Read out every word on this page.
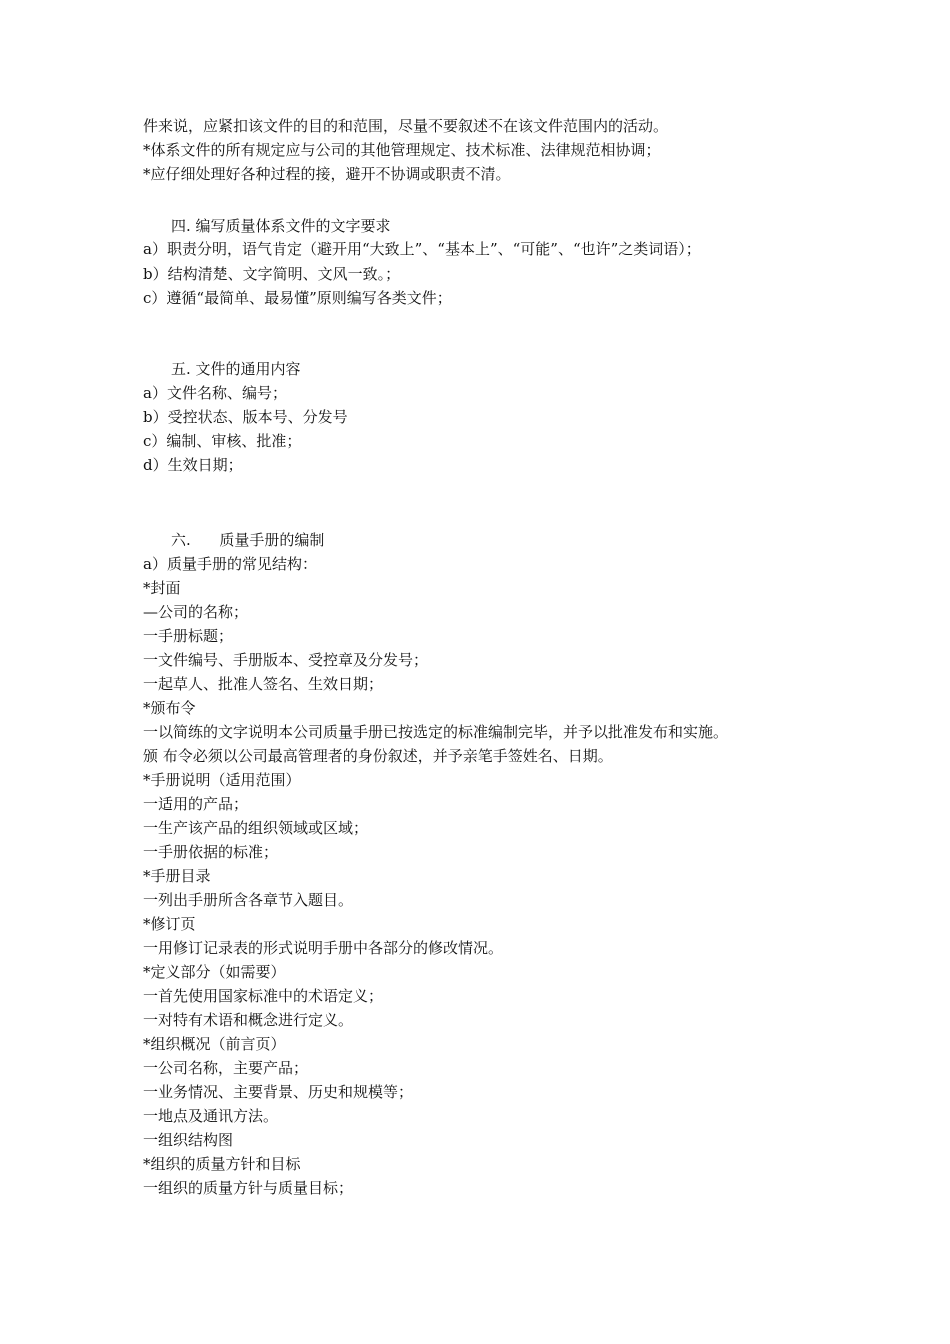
件来说，应紧扣该文件的目的和范围，尽量不要叙述不在该文件范围内的活动。
*体系文件的所有规定应与公司的其他管理规定、技术标准、法律规范相协调；
*应仔细处理好各种过程的接，避开不协调或职责不清。
四. 编写质量体系文件的文字要求
a）职责分明，语气肯定（避开用“大致上”、“基本上”、“可能”、“也许”之类词语）；
b）结构清楚、文字简明、文风一致。；
c）遵循“最简单、最易懂”原则编写各类文件；
五. 文件的通用内容
a）文件名称、编号；
b）受控状态、版本号、分发号
c）编制、审核、批准；
d）生效日期；
六.      质量手册的编制
a）质量手册的常见结构：
*封面
—公司的名称；
一手册标题；
一文件编号、手册版本、受控章及分发号；
一起草人、批准人签名、生效日期；
*颁布令
一以简练的文字说明本公司质量手册已按选定的标准编制完毕，并予以批准发布和实施。
颁 布令必须以公司最高管理者的身份叙述，并予亲笔手签姓名、日期。
*手册说明（适用范围）
一适用的产品；
一生产该产品的组织领域或区域；
一手册依据的标准；
*手册目录
一列出手册所含各章节入题目。
*修订页
一用修订记录表的形式说明手册中各部分的修改情况。
*定义部分（如需要）
一首先使用国家标准中的术语定义；
一对特有术语和概念进行定义。
*组织概况（前言页）
一公司名称，主要产品；
一业务情况、主要背景、历史和规模等；
一地点及通讯方法。
一组织结构图
*组织的质量方针和目标
一组织的质量方针与质量目标；
